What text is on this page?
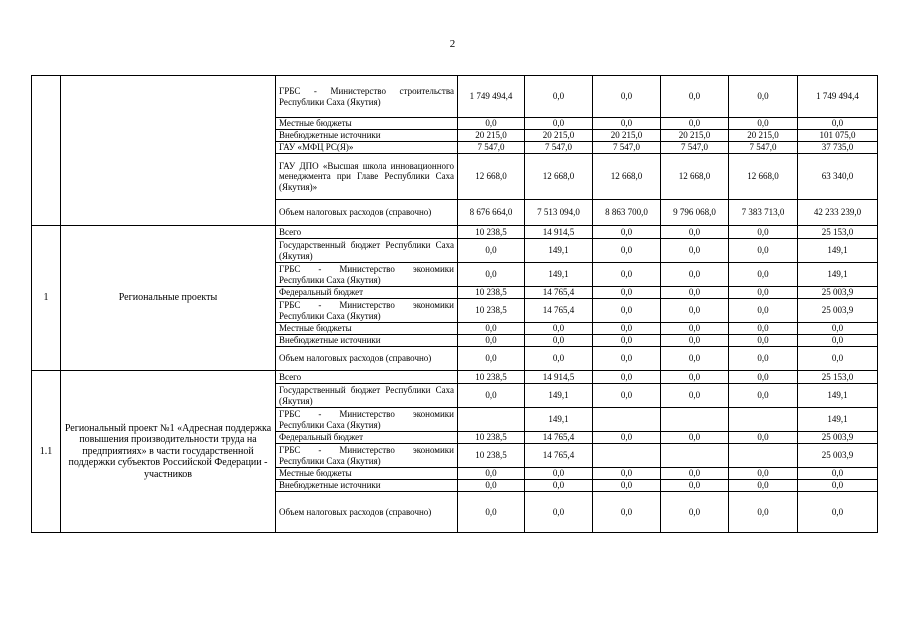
2
		ГРБС - Министерство строительства Республики Саха (Якутия)	1 749 494,4	0,0	0,0	0,0	0,0	1 749 494,4
		Местные бюджеты	0,0	0,0	0,0	0,0	0,0	0,0
		Внебюджетные источники	20 215,0	20 215,0	20 215,0	20 215,0	20 215,0	101 075,0
		ГАУ «МФЦ РС(Я)»	7 547,0	7 547,0	7 547,0	7 547,0	7 547,0	37 735,0
		ГАУ ДПО «Высшая школа инновационного менеджмента при Главе Республики Саха (Якутия)»	12 668,0	12 668,0	12 668,0	12 668,0	12 668,0	63 340,0
		Объем налоговых расходов (справочно)	8 676 664,0	7 513 094,0	8 863 700,0	9 796 068,0	7 383 713,0	42 233 239,0
1	Региональные проекты	Всего	10 238,5	14 914,5	0,0	0,0	0,0	25 153,0
		Государственный бюджет Республики Саха (Якутия)	0,0	149,1	0,0	0,0	0,0	149,1
		ГРБС - Министерство экономики Республики Саха (Якутия)	0,0	149,1	0,0	0,0	0,0	149,1
		Федеральный бюджет	10 238,5	14 765,4	0,0	0,0	0,0	25 003,9
		ГРБС - Министерство экономики Республики Саха (Якутия)	10 238,5	14 765,4	0,0	0,0	0,0	25 003,9
		Местные бюджеты	0,0	0,0	0,0	0,0	0,0	0,0
		Внебюджетные источники	0,0	0,0	0,0	0,0	0,0	0,0
		Объем налоговых расходов (справочно)	0,0	0,0	0,0	0,0	0,0	0,0
1.1	Региональный проект №1 «Адресная поддержка повышения производительности труда на предприятиях» в части государственной поддержки субъектов Российской Федерации - участников	Всего	10 238,5	14 914,5	0,0	0,0	0,0	25 153,0
		Государственный бюджет Республики Саха (Якутия)	0,0	149,1	0,0	0,0	0,0	149,1
		ГРБС - Министерство экономики Республики Саха (Якутия)		149,1				149,1
		Федеральный бюджет	10 238,5	14 765,4	0,0	0,0	0,0	25 003,9
		ГРБС - Министерство экономики Республики Саха (Якутия)	10 238,5	14 765,4				25 003,9
		Местные бюджеты	0,0	0,0	0,0	0,0	0,0	0,0
		Внебюджетные источники	0,0	0,0	0,0	0,0	0,0	0,0
		Объем налоговых расходов (справочно)	0,0	0,0	0,0	0,0	0,0	0,0
